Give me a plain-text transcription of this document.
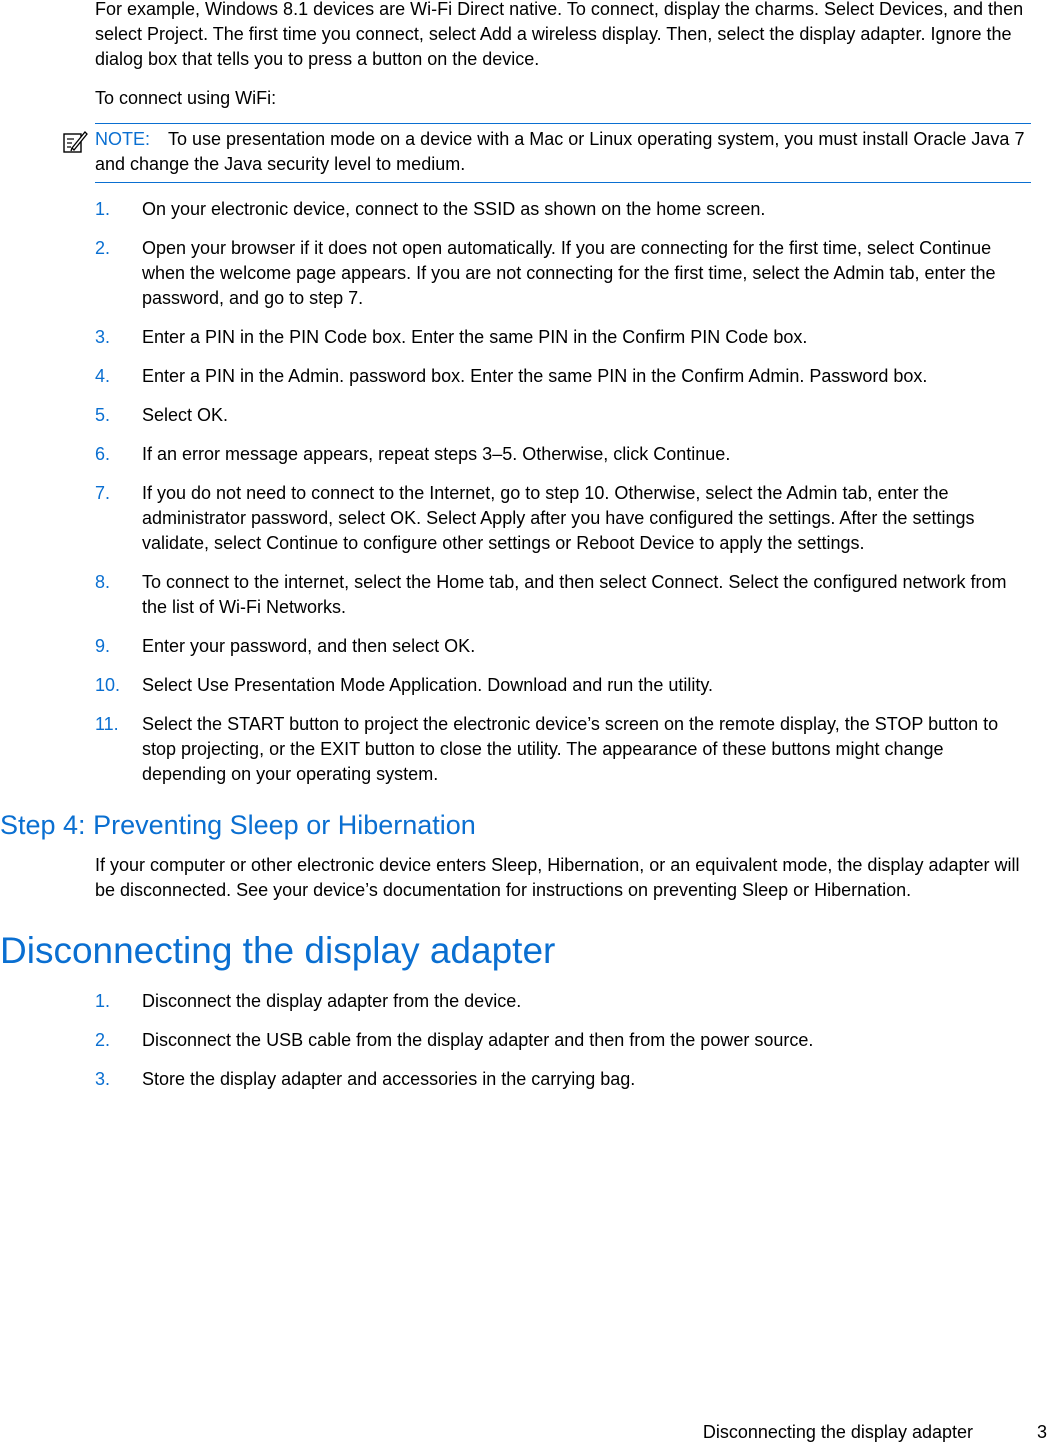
For example, Windows 8.1 devices are Wi-Fi Direct native. To connect, display the charms. Select Devices, and then select Project. The first time you connect, select Add a wireless display. Then, select the display adapter. Ignore the dialog box that tells you to press a button on the device.

To connect using WiFi:

NOTE: To use presentation mode on a device with a Mac or Linux operating system, you must install Oracle Java 7 and change the Java security level to medium.
1. On your electronic device, connect to the SSID as shown on the home screen.
2. Open your browser if it does not open automatically. If you are connecting for the first time, select Continue when the welcome page appears. If you are not connecting for the first time, select the Admin tab, enter the password, and go to step 7.
3. Enter a PIN in the PIN Code box. Enter the same PIN in the Confirm PIN Code box.
4. Enter a PIN in the Admin. password box. Enter the same PIN in the Confirm Admin. Password box.
5. Select OK.
6. If an error message appears, repeat steps 3–5. Otherwise, click Continue.
7. If you do not need to connect to the Internet, go to step 10. Otherwise, select the Admin tab, enter the administrator password, select OK. Select Apply after you have configured the settings. After the settings validate, select Continue to configure other settings or Reboot Device to apply the settings.
8. To connect to the internet, select the Home tab, and then select Connect. Select the configured network from the list of Wi-Fi Networks.
9. Enter your password, and then select OK.
10. Select Use Presentation Mode Application. Download and run the utility.
11. Select the START button to project the electronic device’s screen on the remote display, the STOP button to stop projecting, or the EXIT button to close the utility. The appearance of these buttons might change depending on your operating system.
Step 4: Preventing Sleep or Hibernation

If your computer or other electronic device enters Sleep, Hibernation, or an equivalent mode, the display adapter will be disconnected. See your device’s documentation for instructions on preventing Sleep or Hibernation.

Disconnecting the display adapter
1. Disconnect the display adapter from the device.
2. Disconnect the USB cable from the display adapter and then from the power source.
3. Store the display adapter and accessories in the carrying bag.
Disconnecting the display adapter	3
